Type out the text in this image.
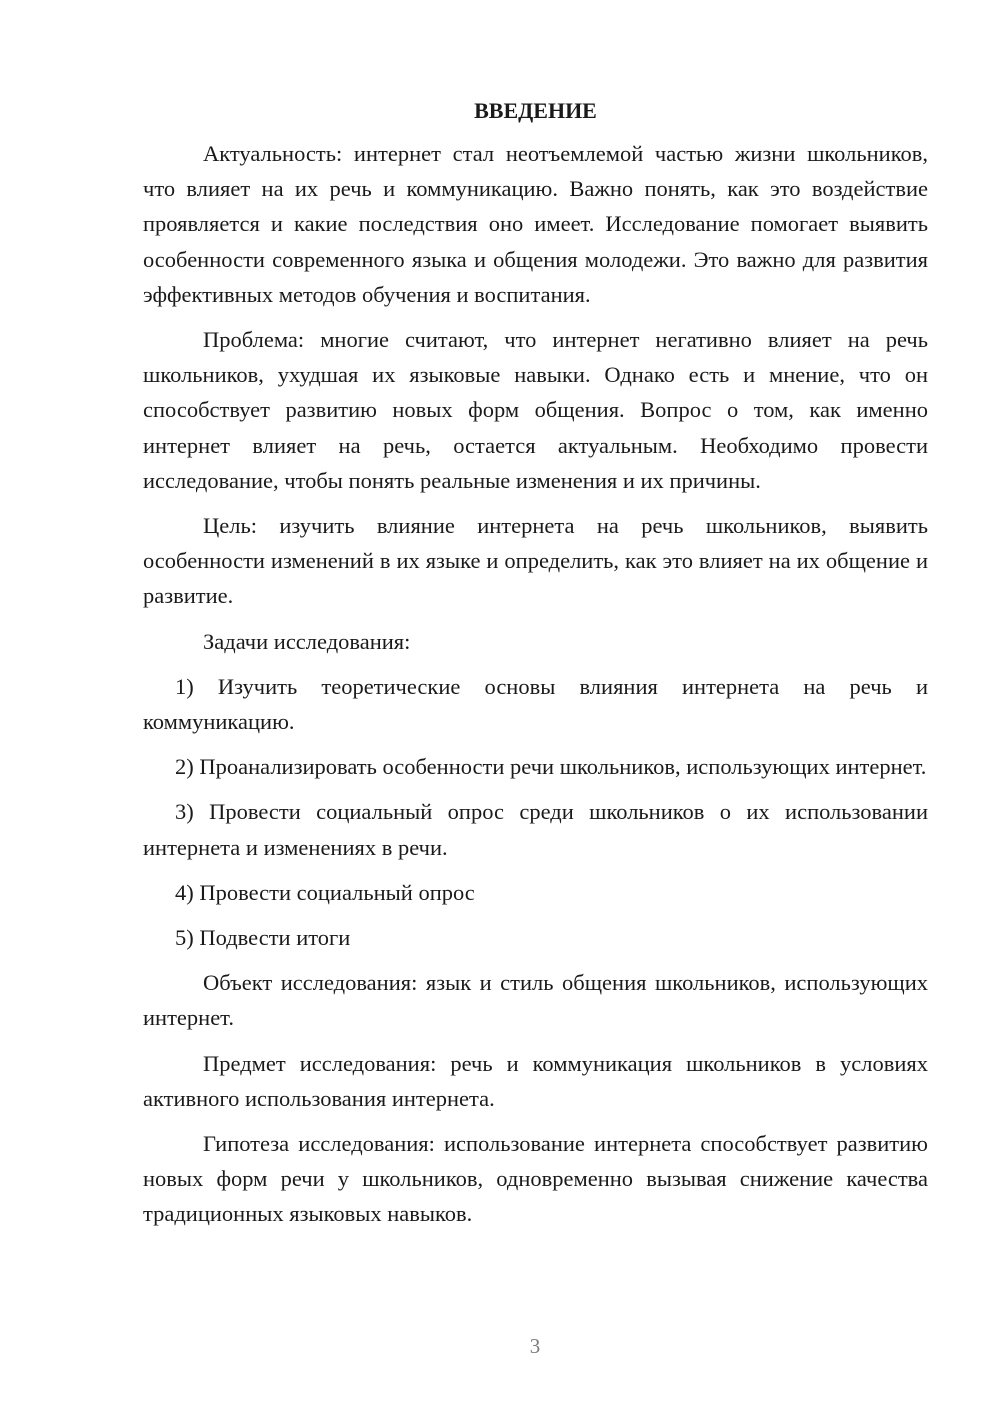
ВВЕДЕНИЕ

Актуальность: интернет стал неотъемлемой частью жизни школьников, что влияет на их речь и коммуникацию. Важно понять, как это воздействие проявляется и какие последствия оно имеет. Исследование помогает выявить особенности современного языка и общения молодежи. Это важно для развития эффективных методов обучения и воспитания.

Проблема: многие считают, что интернет негативно влияет на речь школьников, ухудшая их языковые навыки. Однако есть и мнение, что он способствует развитию новых форм общения. Вопрос о том, как именно интернет влияет на речь, остается актуальным. Необходимо провести исследование, чтобы понять реальные изменения и их причины.

Цель: изучить влияние интернета на речь школьников, выявить особенности изменений в их языке и определить, как это влияет на их общение и развитие.

Задачи исследования:

1) Изучить теоретические основы влияния интернета на речь и коммуникацию.

2) Проанализировать особенности речи школьников, использующих интернет.

3) Провести социальный опрос среди школьников о их использовании интернета и изменениях в речи.

4) Провести социальный опрос

5) Подвести итоги

Объект исследования: язык и стиль общения школьников, использующих интернет.

Предмет исследования: речь и коммуникация школьников в условиях активного использования интернета.

Гипотеза исследования: использование интернета способствует развитию новых форм речи у школьников, одновременно вызывая снижение качества традиционных языковых навыков.

3
